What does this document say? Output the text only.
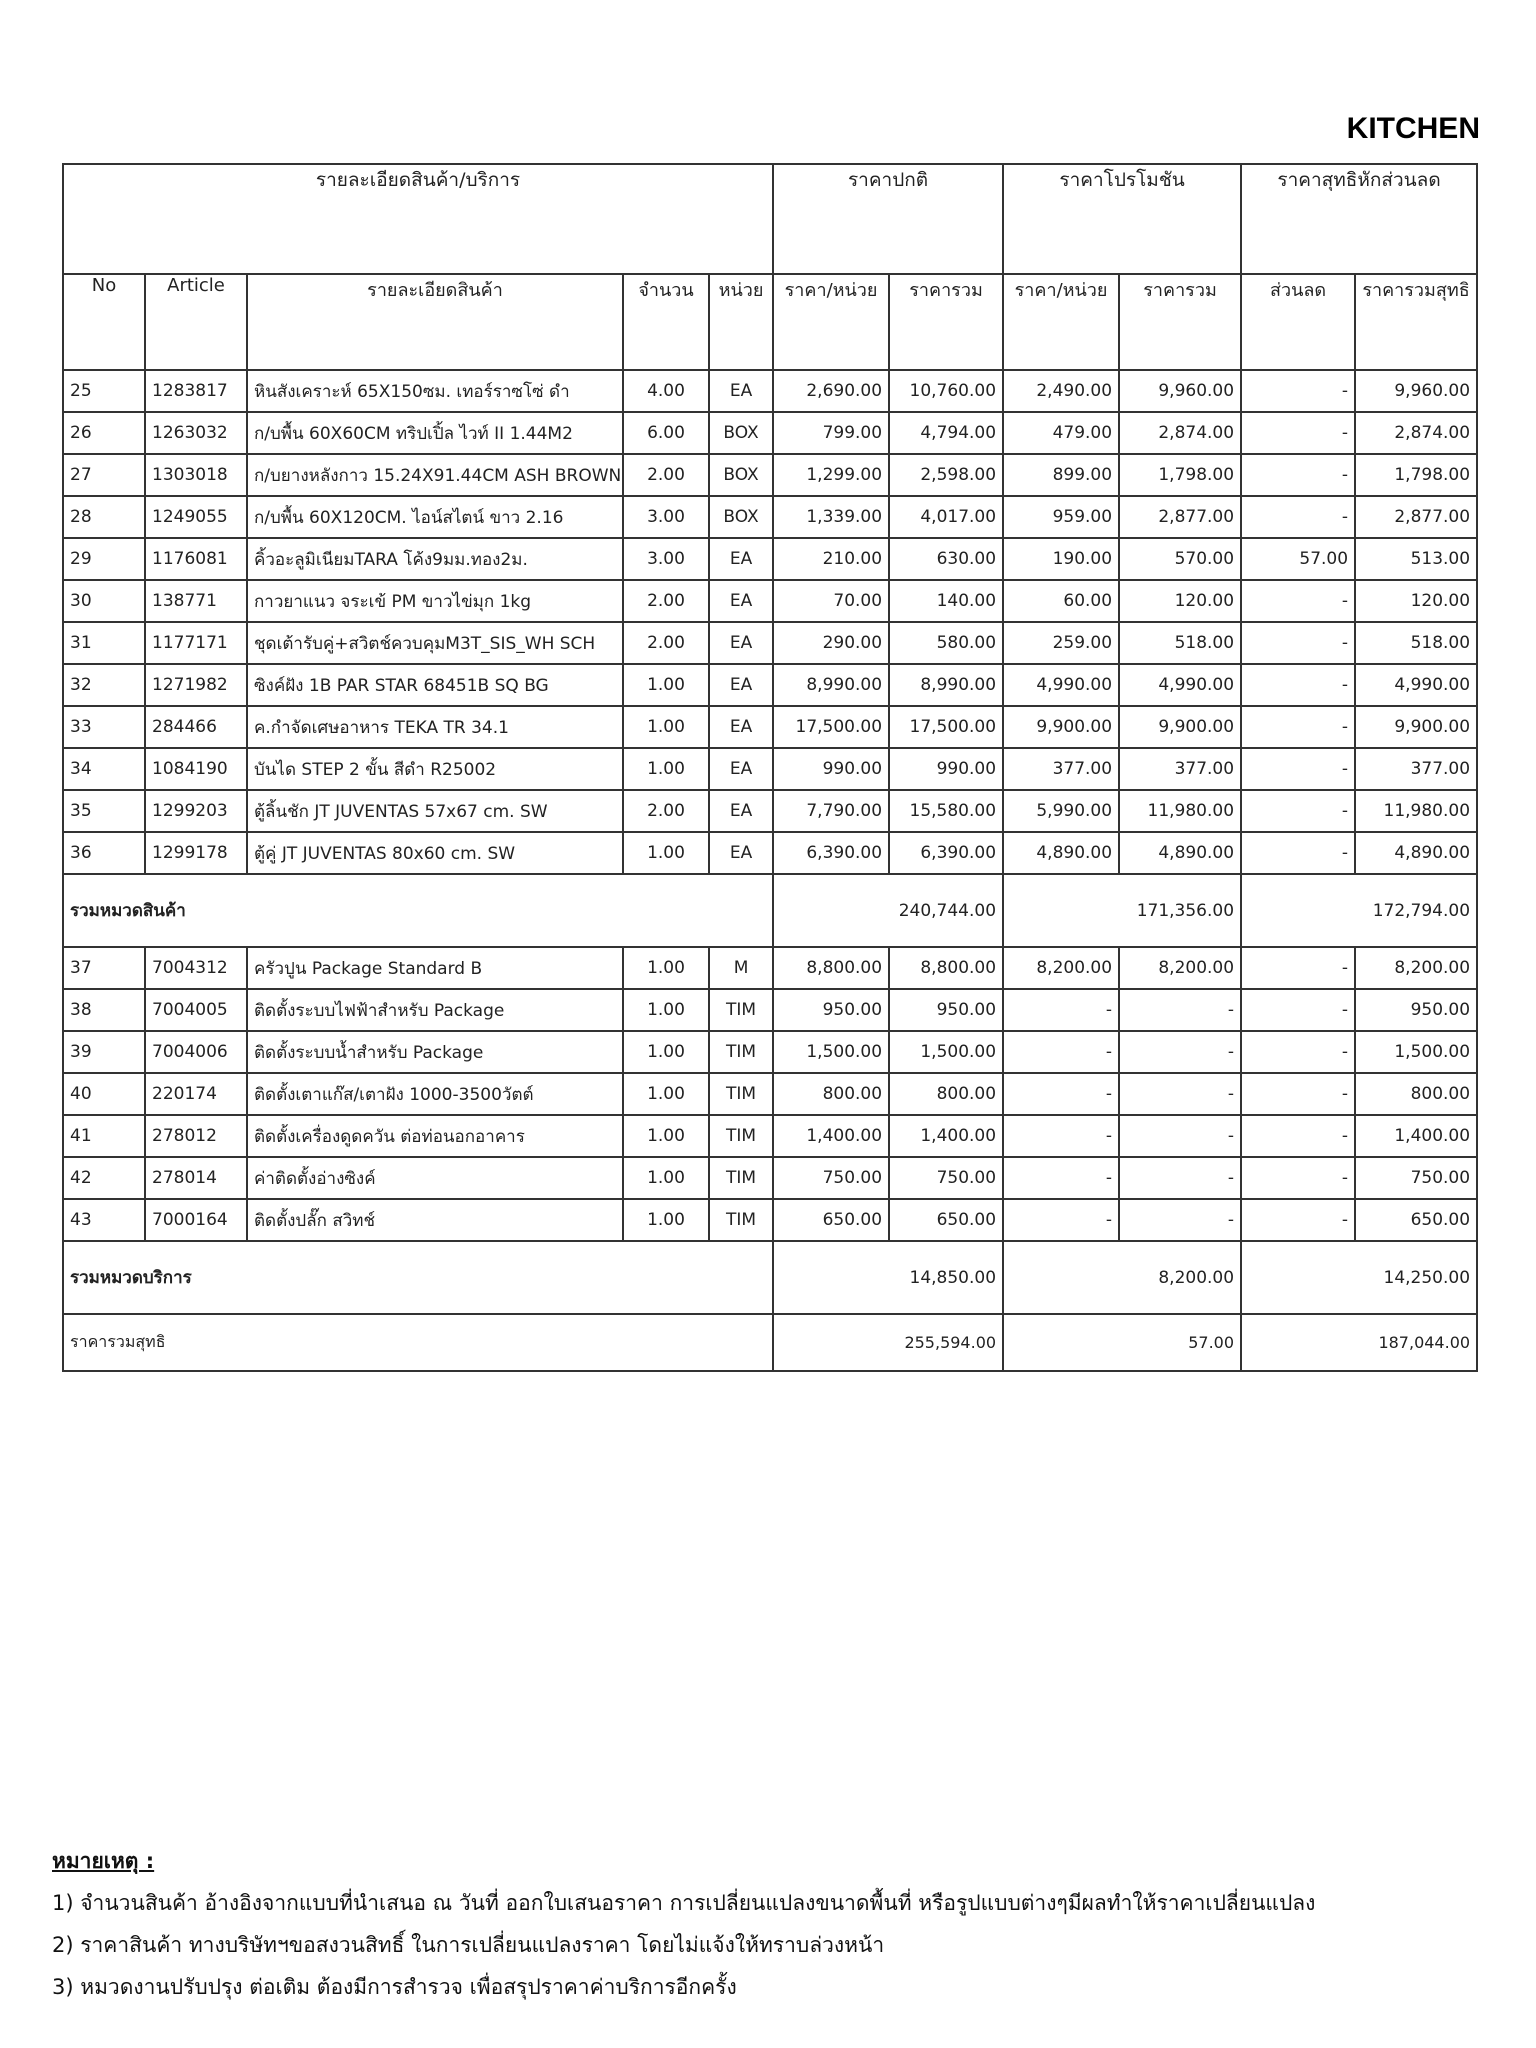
KITCHEN
รายละเอียดสินค้า/บริการ					ราคาปกติ		ราคาโปรโมชัน		ราคาสุทธิหักส่วนลด	
No	Article	รายละเอียดสินค้า	จำนวน	หน่วย	ราคา/หน่วย	ราคารวม	ราคา/หน่วย	ราคารวม	ส่วนลด	ราคารวมสุทธิ
25	1283817	หินสังเคราะห์ 65X150ซม. เทอร์ราซโซ่ ดำ	4.00	EA	2,690.00	10,760.00	2,490.00	9,960.00	-	9,960.00
26	1263032	ก/บพื้น 60X60CM ทริปเปิ้ล ไวท์ II 1.44M2	6.00	BOX	799.00	4,794.00	479.00	2,874.00	-	2,874.00
27	1303018	ก/บยางหลังกาว 15.24X91.44CM ASH BROWN	2.00	BOX	1,299.00	2,598.00	899.00	1,798.00	-	1,798.00
28	1249055	ก/บพื้น 60X120CM. ไอน์สไตน์ ขาว 2.16	3.00	BOX	1,339.00	4,017.00	959.00	2,877.00	-	2,877.00
29	1176081	คิ้วอะลูมิเนียมTARA โค้ง9มม.ทอง2ม.	3.00	EA	210.00	630.00	190.00	570.00	57.00	513.00
30	138771	กาวยาแนว จระเข้ PM ขาวไข่มุก 1kg	2.00	EA	70.00	140.00	60.00	120.00	-	120.00
31	1177171	ชุดเต้ารับคู่+สวิตช์ควบคุมM3T_SIS_WH SCH	2.00	EA	290.00	580.00	259.00	518.00	-	518.00
32	1271982	ซิงค์ฝัง 1B PAR STAR 68451B SQ BG	1.00	EA	8,990.00	8,990.00	4,990.00	4,990.00	-	4,990.00
33	284466	ค.กำจัดเศษอาหาร TEKA TR 34.1	1.00	EA	17,500.00	17,500.00	9,900.00	9,900.00	-	9,900.00
34	1084190	บันได STEP 2 ขั้น สีดำ R25002	1.00	EA	990.00	990.00	377.00	377.00	-	377.00
35	1299203	ตู้ลิ้นชัก JT JUVENTAS 57x67 cm. SW	2.00	EA	7,790.00	15,580.00	5,990.00	11,980.00	-	11,980.00
36	1299178	ตู้คู่ JT JUVENTAS 80x60 cm. SW	1.00	EA	6,390.00	6,390.00	4,890.00	4,890.00	-	4,890.00
รวมหมวดสินค้า					240,744.00		171,356.00		172,794.00	
37	7004312	ครัวปูน Package Standard B	1.00	M	8,800.00	8,800.00	8,200.00	8,200.00	-	8,200.00
38	7004005	ติดตั้งระบบไฟฟ้าสำหรับ Package	1.00	TIM	950.00	950.00	-	-	-	950.00
39	7004006	ติดตั้งระบบน้ำสำหรับ Package	1.00	TIM	1,500.00	1,500.00	-	-	-	1,500.00
40	220174	ติดตั้งเตาแก๊ส/เตาฝัง 1000-3500วัตต์	1.00	TIM	800.00	800.00	-	-	-	800.00
41	278012	ติดตั้งเครื่องดูดควัน ต่อท่อนอกอาคาร	1.00	TIM	1,400.00	1,400.00	-	-	-	1,400.00
42	278014	ค่าติดตั้งอ่างซิงค์	1.00	TIM	750.00	750.00	-	-	-	750.00
43	7000164	ติดตั้งปลั๊ก สวิทช์	1.00	TIM	650.00	650.00	-	-	-	650.00
รวมหมวดบริการ					14,850.00		8,200.00		14,250.00	
ราคารวมสุทธิ					255,594.00		57.00		187,044.00	
หมายเหตุ :
1) จำนวนสินค้า อ้างอิงจากแบบที่นำเสนอ ณ วันที่ ออกใบเสนอราคา การเปลี่ยนแปลงขนาดพื้นที่ หรือรูปแบบต่างๆมีผลทำให้ราคาเปลี่ยนแปลง
2) ราคาสินค้า ทางบริษัทฯขอสงวนสิทธิ์ ในการเปลี่ยนแปลงราคา โดยไม่แจ้งให้ทราบล่วงหน้า
3) หมวดงานปรับปรุง ต่อเติม ต้องมีการสำรวจ เพื่อสรุปราคาค่าบริการอีกครั้ง
